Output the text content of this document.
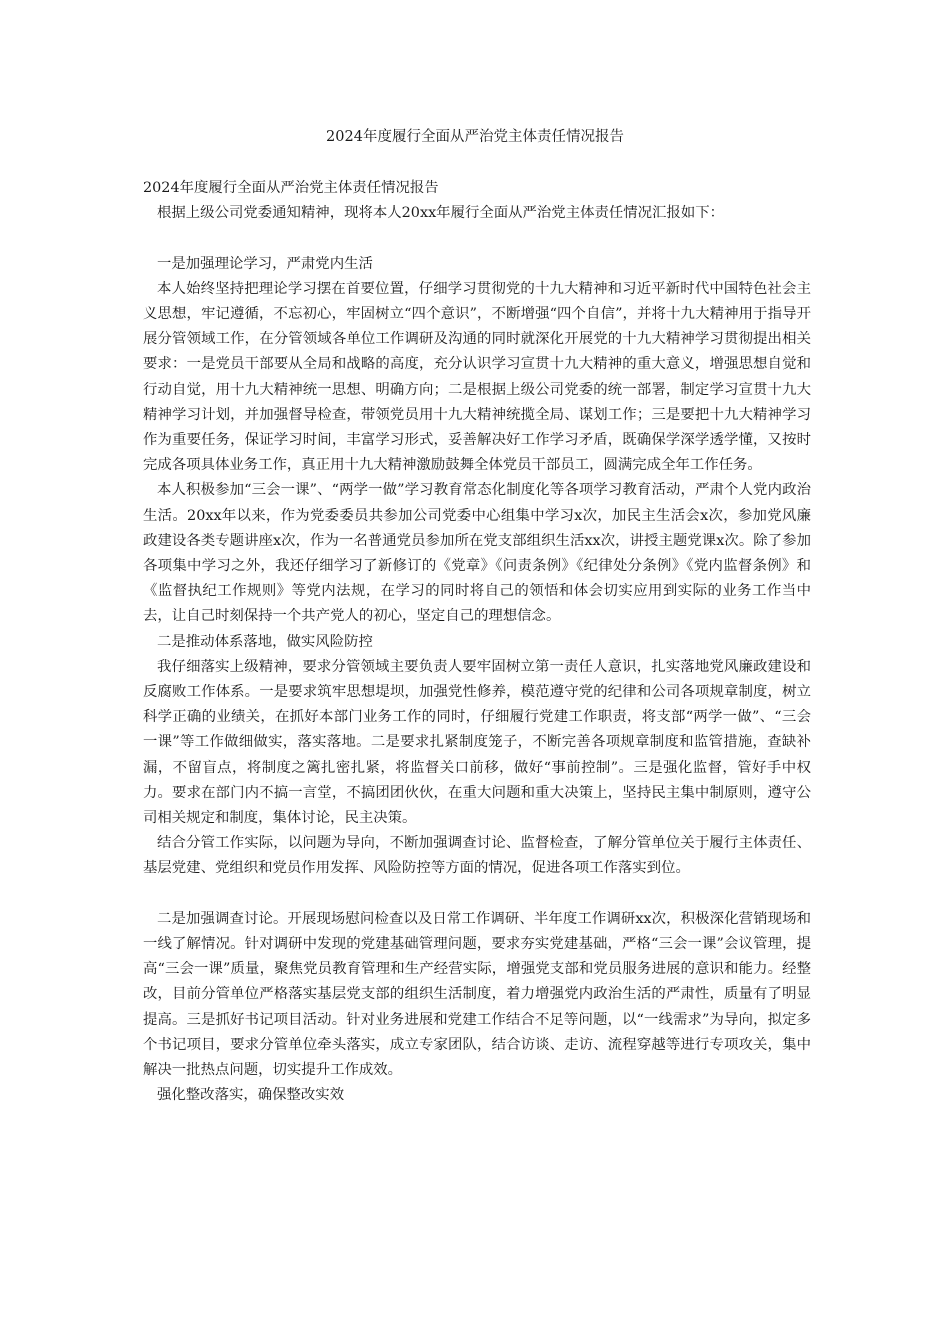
2024年度履行全面从严治党主体责任情况报告

2024年度履行全面从严治党主体责任情况报告

根据上级公司党委通知精神，现将本人20xx年履行全面从严治党主体责任情况汇报如下：

一是加强理论学习，严肃党内生活

本人始终坚持把理论学习摆在首要位置，仔细学习贯彻党的十九大精神和习近平新时代中国特色社会主义思想，牢记遵循，不忘初心，牢固树立“四个意识”，不断增强“四个自信”，并将十九大精神用于指导开展分管领域工作，在分管领域各单位工作调研及沟通的同时就深化开展党的十九大精神学习贯彻提出相关要求：一是党员干部要从全局和战略的高度，充分认识学习宣贯十九大精神的重大意义，增强思想自觉和行动自觉，用十九大精神统一思想、明确方向；二是根据上级公司党委的统一部署，制定学习宣贯十九大精神学习计划，并加强督导检查，带领党员用十九大精神统揽全局、谋划工作；三是要把十九大精神学习作为重要任务，保证学习时间，丰富学习形式，妥善解决好工作学习矛盾，既确保学深学透学懂，又按时完成各项具体业务工作，真正用十九大精神激励鼓舞全体党员干部员工，圆满完成全年工作任务。

本人积极参加“三会一课”、“两学一做”学习教育常态化制度化等各项学习教育活动，严肃个人党内政治生活。20xx年以来，作为党委委员共参加公司党委中心组集中学习x次，加民主生活会x次，参加党风廉政建设各类专题讲座x次，作为一名普通党员参加所在党支部组织生活xx次，讲授主题党课x次。除了参加各项集中学习之外，我还仔细学习了新修订的《党章》《问责条例》《纪律处分条例》《党内监督条例》和《监督执纪工作规则》等党内法规，在学习的同时将自己的领悟和体会切实应用到实际的业务工作当中去，让自己时刻保持一个共产党人的初心，坚定自己的理想信念。

二是推动体系落地，做实风险防控

我仔细落实上级精神，要求分管领域主要负责人要牢固树立第一责任人意识，扎实落地党风廉政建设和反腐败工作体系。一是要求筑牢思想堤坝，加强党性修养，模范遵守党的纪律和公司各项规章制度，树立科学正确的业绩关，在抓好本部门业务工作的同时，仔细履行党建工作职责，将支部“两学一做”、“三会一课”等工作做细做实，落实落地。二是要求扎紧制度笼子，不断完善各项规章制度和监管措施，查缺补漏，不留盲点，将制度之篱扎密扎紧，将监督关口前移，做好“事前控制”。三是强化监督，管好手中权力。要求在部门内不搞一言堂，不搞团团伙伙，在重大问题和重大决策上，坚持民主集中制原则，遵守公司相关规定和制度，集体讨论，民主决策。

结合分管工作实际，以问题为导向，不断加强调查讨论、监督检查，了解分管单位关于履行主体责任、基层党建、党组织和党员作用发挥、风险防控等方面的情况，促进各项工作落实到位。

二是加强调查讨论。开展现场慰问检查以及日常工作调研、半年度工作调研xx次，积极深化营销现场和一线了解情况。针对调研中发现的党建基础管理问题，要求夯实党建基础，严格“三会一课”会议管理，提高“三会一课”质量，聚焦党员教育管理和生产经营实际，增强党支部和党员服务进展的意识和能力。经整改，目前分管单位严格落实基层党支部的组织生活制度，着力增强党内政治生活的严肃性，质量有了明显提高。三是抓好书记项目活动。针对业务进展和党建工作结合不足等问题，以“一线需求”为导向，拟定多个书记项目，要求分管单位牵头落实，成立专家团队，结合访谈、走访、流程穿越等进行专项攻关，集中解决一批热点问题，切实提升工作成效。

强化整改落实，确保整改实效
